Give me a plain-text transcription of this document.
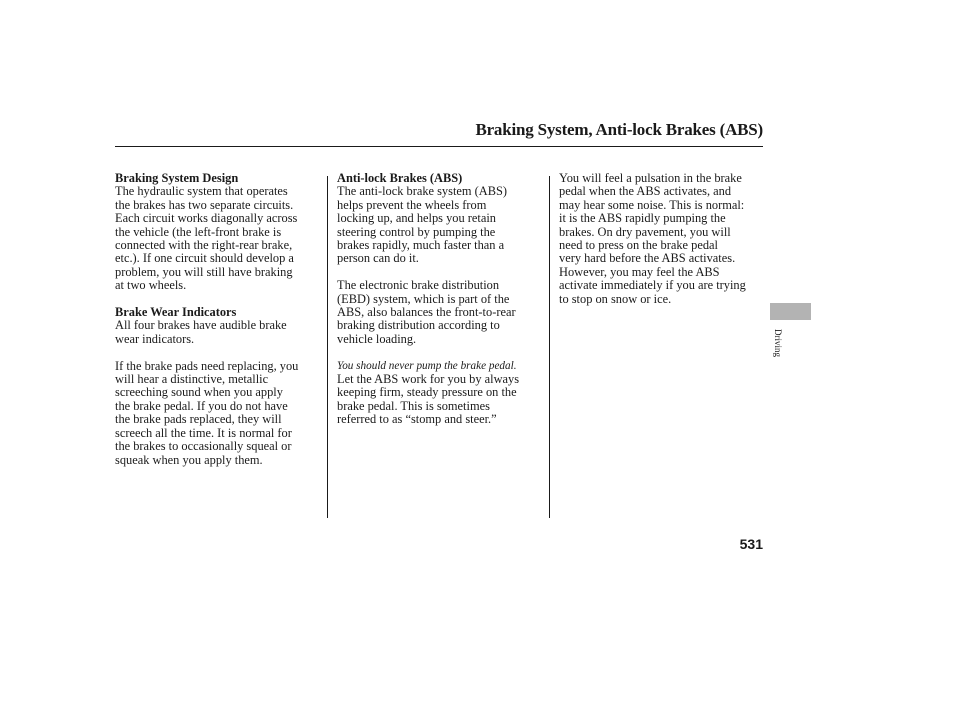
Braking System, Anti-lock Brakes (ABS)

Braking System Design

The hydraulic system that operates

the brakes has two separate circuits.

Each circuit works diagonally across

the vehicle (the left-front brake is

connected with the right-rear brake,

etc.). If one circuit should develop a

problem, you will still have braking

at two wheels.

Brake Wear Indicators

All four brakes have audible brake

wear indicators.

If the brake pads need replacing, you

will hear a distinctive, metallic

screeching sound when you apply

the brake pedal. If you do not have

the brake pads replaced, they will

screech all the time. It is normal for

the brakes to occasionally squeal or

squeak when you apply them.

Anti-lock Brakes (ABS)

The anti-lock brake system (ABS)

helps prevent the wheels from

locking up, and helps you retain

steering control by pumping the

brakes rapidly, much faster than a

person can do it.

The electronic brake distribution

(EBD) system, which is part of the

ABS, also balances the front-to-rear

braking distribution according to

vehicle loading.

You should never pump the brake pedal.

Let the ABS work for you by always

keeping firm, steady pressure on the

brake pedal. This is sometimes

referred to as “stomp and steer.”

You will feel a pulsation in the brake

pedal when the ABS activates, and

may hear some noise. This is normal:

it is the ABS rapidly pumping the

brakes. On dry pavement, you will

need to press on the brake pedal

very hard before the ABS activates.

However, you may feel the ABS

activate immediately if you are trying

to stop on snow or ice.

Driving
531
